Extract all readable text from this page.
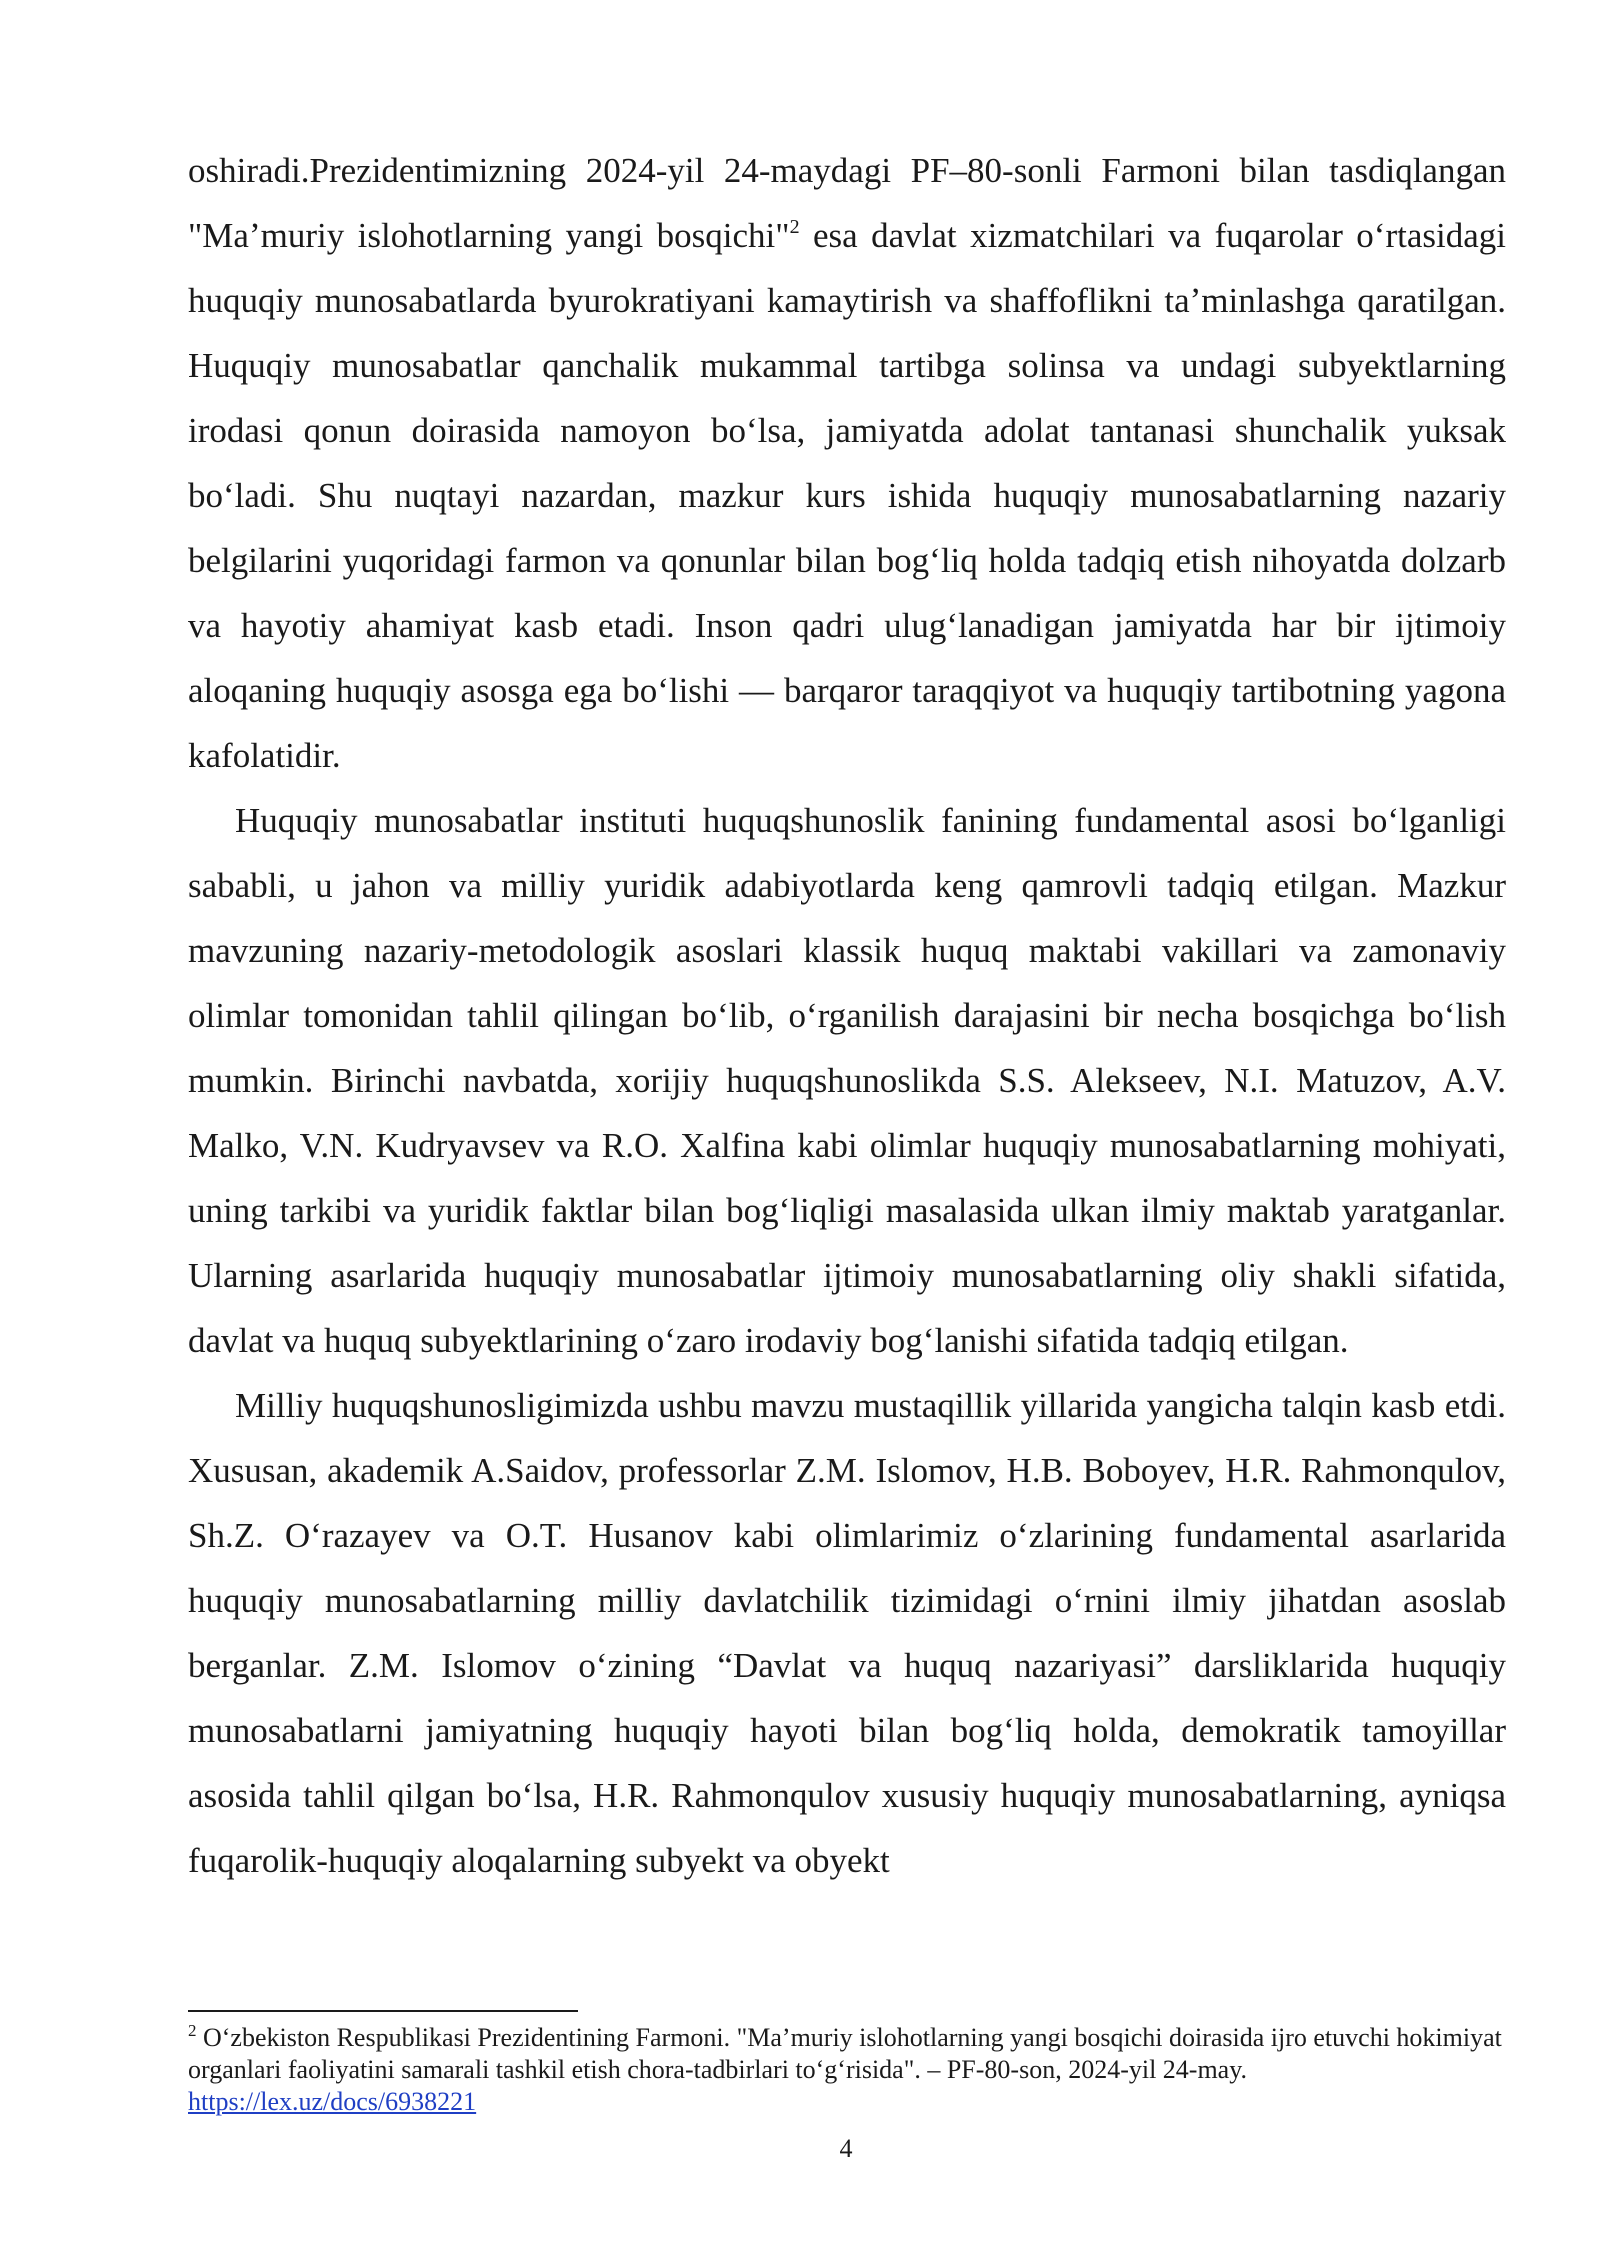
oshiradi.Prezidentimizning 2024-yil 24-maydagi PF–80-sonli Farmoni bilan tasdiqlangan "Maʼmuriy islohotlarning yangi bosqichi"$^2$ esa davlat xizmatchilari va fuqarolar oʻrtasidagi huquqiy munosabatlarda byurokratiyani kamaytirish va shaffoflikni taʼminlashga qaratilgan. Huquqiy munosabatlar qanchalik mukammal tartibga solinsa va undagi subyektlarning irodasi qonun doirasida namoyon boʻlsa, jamiyatda adolat tantanasi shunchalik yuksak boʻladi. Shu nuqtayi nazardan, mazkur kurs ishida huquqiy munosabatlarning nazariy belgilarini yuqoridagi farmon va qonunlar bilan bogʻliq holda tadqiq etish nihoyatda dolzarb va hayotiy ahamiyat kasb etadi. Inson qadri ulugʻlanadigan jamiyatda har bir ijtimoiy aloqaning huquqiy asosga ega boʻlishi — barqaror taraqqiyot va huquqiy tartibotning yagona kafolatidir.

Huquqiy munosabatlar instituti huquqshunoslik fanining fundamental asosi boʻlganligi sababli, u jahon va milliy yuridik adabiyotlarda keng qamrovli tadqiq etilgan. Mazkur mavzuning nazariy-metodologik asoslari klassik huquq maktabi vakillari va zamonaviy olimlar tomonidan tahlil qilingan boʻlib, oʻrganilish darajasini bir necha bosqichga boʻlish mumkin. Birinchi navbatda, xorijiy huquqshunoslikda S.S. Alekseev, N.I. Matuzov, A.V. Malko, V.N. Kudryavsev va R.O. Xalfina kabi olimlar huquqiy munosabatlarning mohiyati, uning tarkibi va yuridik faktlar bilan bogʻliqligi masalasida ulkan ilmiy maktab yaratganlar. Ularning asarlarida huquqiy munosabatlar ijtimoiy munosabatlarning oliy shakli sifatida, davlat va huquq subyektlarining oʻzaro irodaviy bogʻlanishi sifatida tadqiq etilgan.

Milliy huquqshunosligimizda ushbu mavzu mustaqillik yillarida yangicha talqin kasb etdi. Xususan, akademik A.Saidov, professorlar Z.M. Islomov, H.B. Boboyev, H.R. Rahmonqulov, Sh.Z. Oʻrazayev va O.T. Husanov kabi olimlarimiz oʻzlarining fundamental asarlarida huquqiy munosabatlarning milliy davlatchilik tizimidagi oʻrnini ilmiy jihatdan asoslab berganlar. Z.M. Islomov oʻzining “Davlat va huquq nazariyasi” darsliklarida huquqiy munosabatlarni jamiyatning huquqiy hayoti bilan bogʻliq holda, demokratik tamoyillar asosida tahlil qilgan boʻlsa, H.R. Rahmonqulov xususiy huquqiy munosabatlarning, ayniqsa fuqarolik-huquqiy aloqalarning subyekt va obyekt

$^2$ Oʻzbekiston Respublikasi Prezidentining Farmoni. "Maʼmuriy islohotlarning yangi bosqichi doirasida ijro etuvchi hokimiyat organlari faoliyatini samarali tashkil etish chora-tadbirlari toʻgʻrisida". – PF-80-son, 2024-yil 24-may. https://lex.uz/docs/6938221

4
